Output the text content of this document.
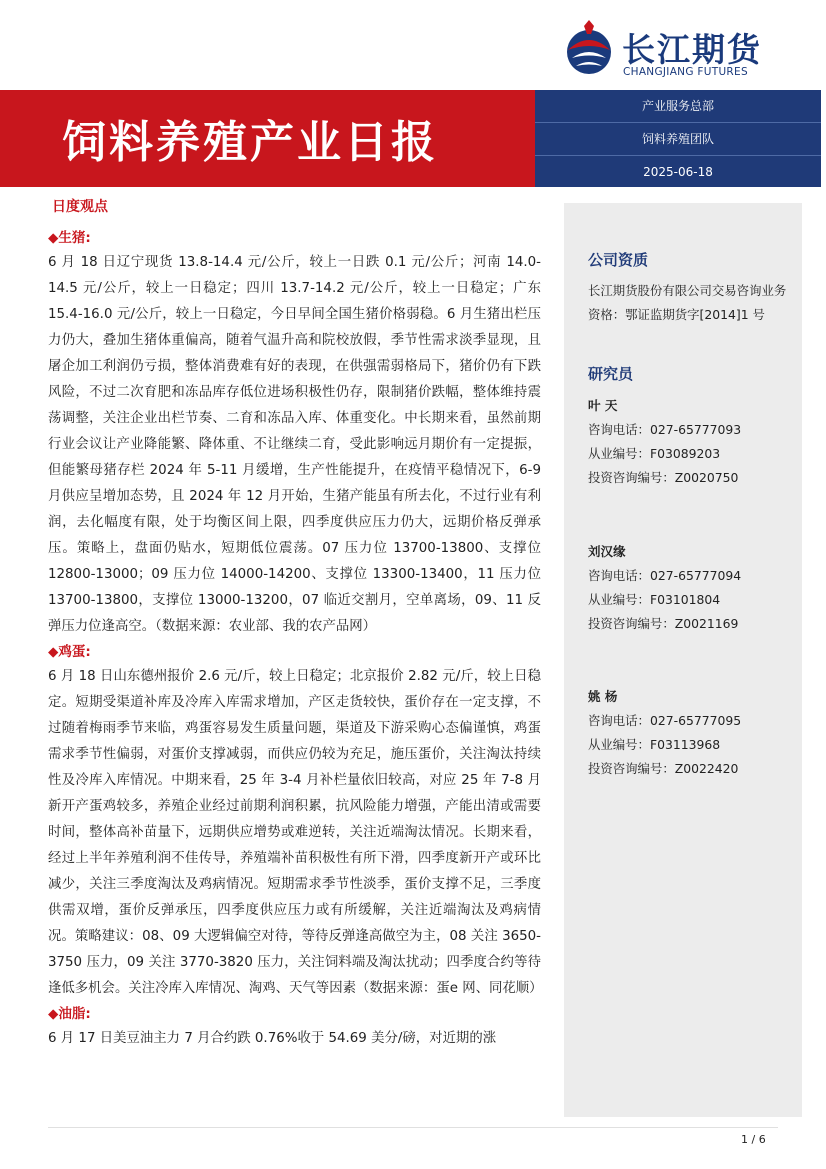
长江期货
CHANGJIANG FUTURES
饲料养殖产业日报
产业服务总部
饲料养殖团队
2025-06-18
日度观点
◆生猪:

6 月 18 日辽宁现货 13.8-14.4 元/公斤，较上一日跌 0.1 元/公斤；河南 14.0-14.5 元/公斤，较上一日稳定；四川 13.7-14.2 元/公斤，较上一日稳定；广东 15.4-16.0 元/公斤，较上一日稳定，今日早间全国生猪价格弱稳。6 月生猪出栏压力仍大，叠加生猪体重偏高，随着气温升高和院校放假，季节性需求淡季显现，且屠企加工利润仍亏损，整体消费难有好的表现，在供强需弱格局下，猪价仍有下跌风险，不过二次育肥和冻品库存低位进场积极性仍存，限制猪价跌幅，整体维持震荡调整，关注企业出栏节奏、二育和冻品入库、体重变化。中长期来看，虽然前期行业会议让产业降能繁、降体重、不让继续二育，受此影响远月期价有一定提振，但能繁母猪存栏 2024 年 5-11 月缓增，生产性能提升，在疫情平稳情况下，6-9 月供应呈增加态势，且 2024 年 12 月开始，生猪产能虽有所去化，不过行业有利润，去化幅度有限，处于均衡区间上限，四季度供应压力仍大，远期价格反弹承压。策略上，盘面仍贴水，短期低位震荡。07 压力位 13700-13800、支撑位 12800-13000；09 压力位 14000-14200、支撑位 13300-13400，11 压力位 13700-13800，支撑位 13000-13200，07 临近交割月，空单离场，09、11 反弹压力位逢高空。（数据来源：农业部、我的农产品网）

◆鸡蛋:

6 月 18 日山东德州报价 2.6 元/斤，较上日稳定；北京报价 2.82 元/斤，较上日稳定。短期受渠道补库及冷库入库需求增加，产区走货较快，蛋价存在一定支撑，不过随着梅雨季节来临，鸡蛋容易发生质量问题，渠道及下游采购心态偏谨慎，鸡蛋需求季节性偏弱，对蛋价支撑减弱，而供应仍较为充足，施压蛋价，关注淘汰持续性及冷库入库情况。中期来看，25 年 3-4 月补栏量依旧较高，对应 25 年 7-8 月新开产蛋鸡较多，养殖企业经过前期利润积累，抗风险能力增强，产能出清或需要时间，整体高补苗量下，远期供应增势或难逆转，关注近端淘汰情况。长期来看，经过上半年养殖利润不佳传导，养殖端补苗积极性有所下滑，四季度新开产或环比减少，关注三季度淘汰及鸡病情况。短期需求季节性淡季，蛋价支撑不足，三季度供需双增，蛋价反弹承压，四季度供应压力或有所缓解，关注近端淘汰及鸡病情况。策略建议：08、09 大逻辑偏空对待，等待反弹逢高做空为主，08 关注 3650-3750 压力，09 关注 3770-3820 压力，关注饲料端及淘汰扰动；四季度合约等待逢低多机会。关注冷库入库情况、淘鸡、天气等因素（数据来源：蛋e 网、同花顺）

◆油脂:

6 月 17 日美豆油主力 7 月合约跌 0.76%收于 54.69 美分/磅，对近期的涨

公司资质
长江期货股份有限公司交易咨询业务资格：鄂证监期货字[2014]1 号
研究员
叶 天
咨询电话：027-65777093
从业编号：F03089203
投资咨询编号：Z0020750
刘汉缘
咨询电话：027-65777094
从业编号：F03101804
投资咨询编号：Z0021169
姚 杨
咨询电话：027-65777095
从业编号：F03113968
投资咨询编号：Z0022420
1 / 6
